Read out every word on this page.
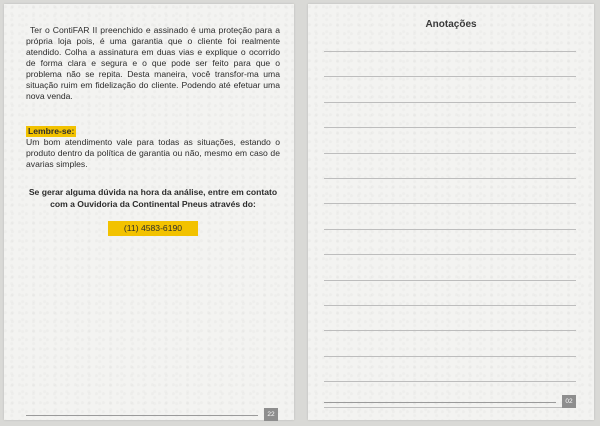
Ter o ContiFAR II preenchido e assinado é uma proteção para a própria loja pois, é uma garantia que o cliente foi realmente atendido. Colha a assinatura em duas vias e explique o ocorrido de forma clara e segura e o que pode ser feito para que o problema não se repita. Desta maneira, você transfor-ma uma situação ruim em fidelização do cliente. Podendo até efetuar uma nova venda.

Lembre-se:

Um bom atendimento vale para todas as situações, estando o produto dentro da política de garantia ou não, mesmo em caso de avarias simples.

Se gerar alguma dúvida na hora da análise, entre em contato com a Ouvidoria da Continental Pneus através do:

(11) 4583-6190
22
Anotações
02
